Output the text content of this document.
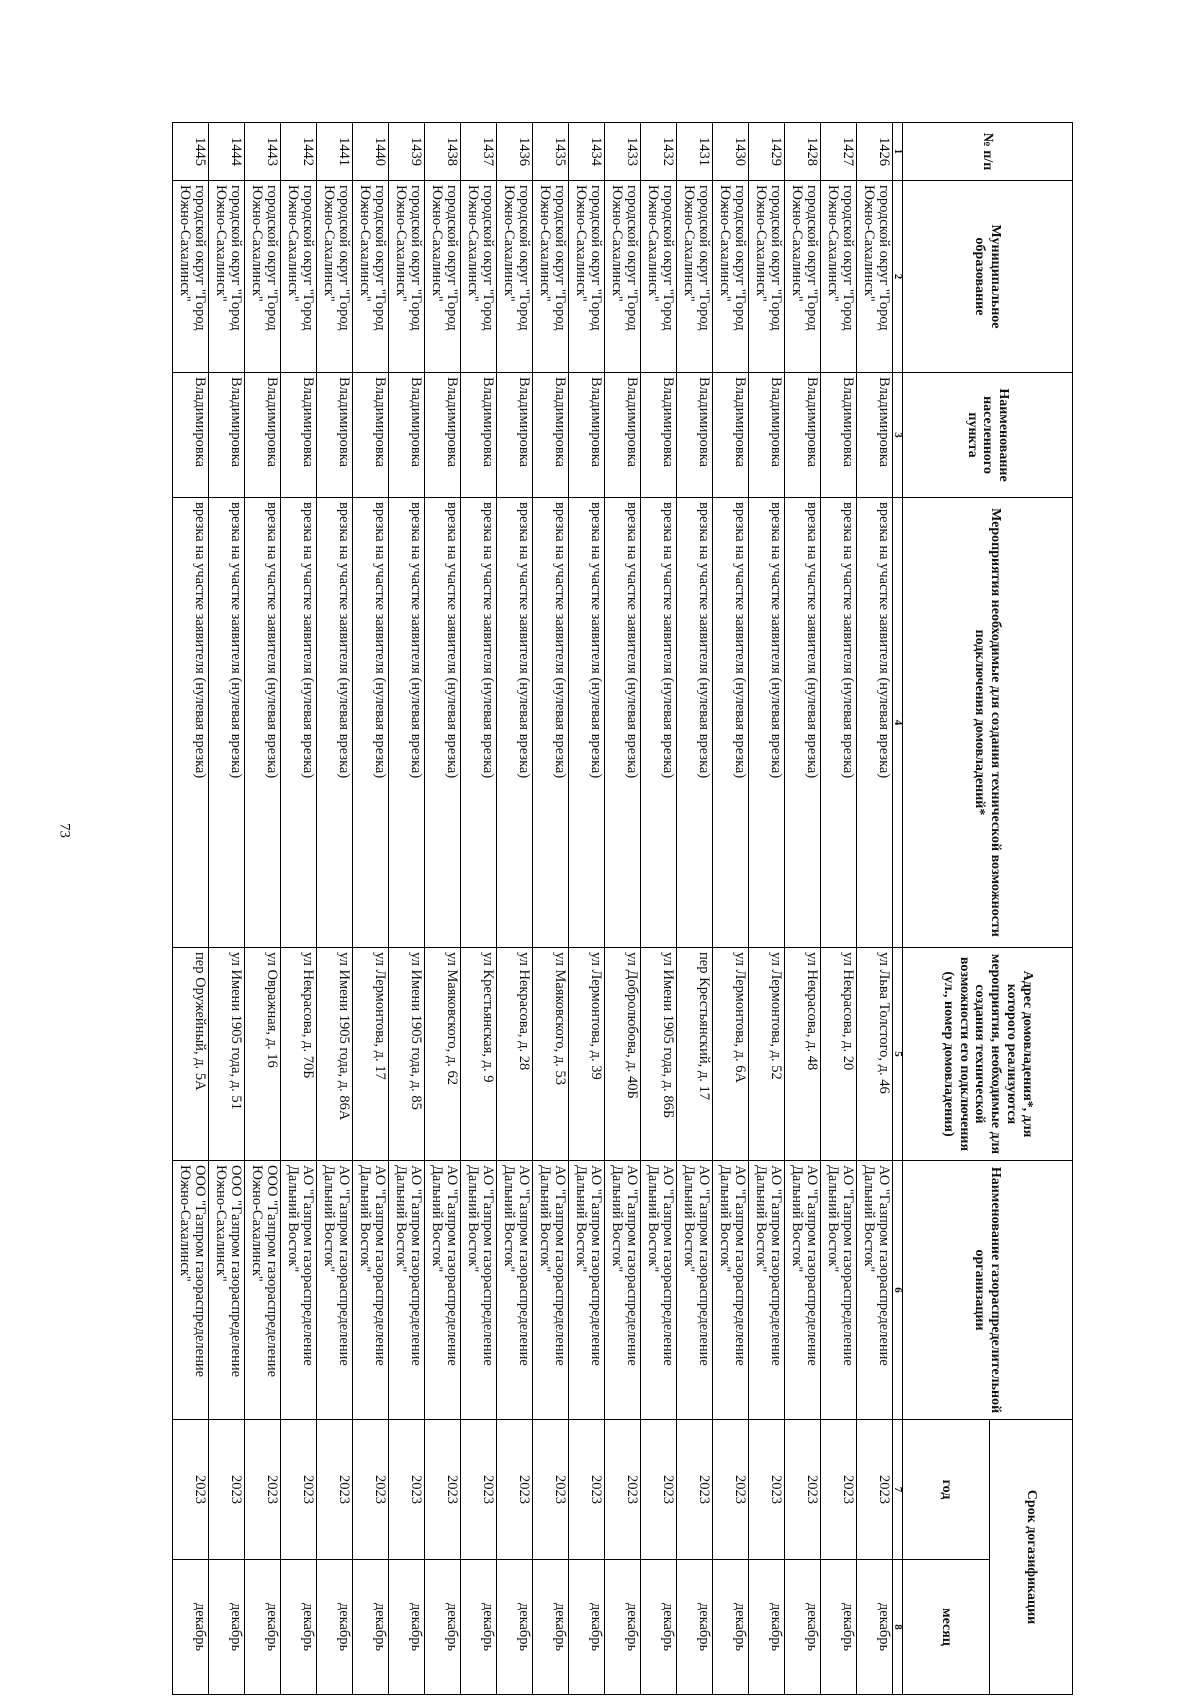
73
№ п/п	Муниципальное образование	Наименование населенного пункта	Мероприятия необходимые для создания технической возможности подключения домовладений*	Адрес домовладения*, для которого реализуются мероприятия, необходимые для создания технической возможности его подключения (ул., номер домовладения)	Наименование газораспределительной организации	Срок догазификации	
						год	месяц
1	2	3	4	5	6	7	8
1426	городской округ "Город Южно-Сахалинск"	Владимировка	врезка на участке заявителя (нулевая врезка)	ул Льва Толстого, д. 46	АО "Газпром газораспределение Дальний Восток"	2023	декабрь
1427	городской округ "Город Южно-Сахалинск"	Владимировка	врезка на участке заявителя (нулевая врезка)	ул Некрасова, д. 20	АО "Газпром газораспределение Дальний Восток"	2023	декабрь
1428	городской округ "Город Южно-Сахалинск"	Владимировка	врезка на участке заявителя (нулевая врезка)	ул Некрасова, д. 48	АО "Газпром газораспределение Дальний Восток"	2023	декабрь
1429	городской округ "Город Южно-Сахалинск"	Владимировка	врезка на участке заявителя (нулевая врезка)	ул Лермонтова, д. 52	АО "Газпром газораспределение Дальний Восток"	2023	декабрь
1430	городской округ "Город Южно-Сахалинск"	Владимировка	врезка на участке заявителя (нулевая врезка)	ул Лермонтова, д. 6А	АО "Газпром газораспределение Дальний Восток"	2023	декабрь
1431	городской округ "Город Южно-Сахалинск"	Владимировка	врезка на участке заявителя (нулевая врезка)	пер Крестьянский, д. 17	АО "Газпром газораспределение Дальний Восток"	2023	декабрь
1432	городской округ "Город Южно-Сахалинск"	Владимировка	врезка на участке заявителя (нулевая врезка)	ул Имени 1905 года, д. 86Б	АО "Газпром газораспределение Дальний Восток"	2023	декабрь
1433	городской округ "Город Южно-Сахалинск"	Владимировка	врезка на участке заявителя (нулевая врезка)	ул Добролюбова, д. 40Б	АО "Газпром газораспределение Дальний Восток"	2023	декабрь
1434	городской округ "Город Южно-Сахалинск"	Владимировка	врезка на участке заявителя (нулевая врезка)	ул Лермонтова, д. 39	АО "Газпром газораспределение Дальний Восток"	2023	декабрь
1435	городской округ "Город Южно-Сахалинск"	Владимировка	врезка на участке заявителя (нулевая врезка)	ул Маяковского, д. 53	АО "Газпром газораспределение Дальний Восток"	2023	декабрь
1436	городской округ "Город Южно-Сахалинск"	Владимировка	врезка на участке заявителя (нулевая врезка)	ул Некрасова, д. 28	АО "Газпром газораспределение Дальний Восток"	2023	декабрь
1437	городской округ "Город Южно-Сахалинск"	Владимировка	врезка на участке заявителя (нулевая врезка)	ул Крестьянская, д. 9	АО "Газпром газораспределение Дальний Восток"	2023	декабрь
1438	городской округ "Город Южно-Сахалинск"	Владимировка	врезка на участке заявителя (нулевая врезка)	ул Маяковского, д. 62	АО "Газпром газораспределение Дальний Восток"	2023	декабрь
1439	городской округ "Город Южно-Сахалинск"	Владимировка	врезка на участке заявителя (нулевая врезка)	ул Имени 1905 года, д. 85	АО "Газпром газораспределение Дальний Восток"	2023	декабрь
1440	городской округ "Город Южно-Сахалинск"	Владимировка	врезка на участке заявителя (нулевая врезка)	ул Лермонтова, д. 17	АО "Газпром газораспределение Дальний Восток"	2023	декабрь
1441	городской округ "Город Южно-Сахалинск"	Владимировка	врезка на участке заявителя (нулевая врезка)	ул Имени 1905 года, д. 86А	АО "Газпром газораспределение Дальний Восток"	2023	декабрь
1442	городской округ "Город Южно-Сахалинск"	Владимировка	врезка на участке заявителя (нулевая врезка)	ул Некрасова, д. 70Б	АО "Газпром газораспределение Дальний Восток"	2023	декабрь
1443	городской округ "Город Южно-Сахалинск"	Владимировка	врезка на участке заявителя (нулевая врезка)	ул Овражная, д. 16	ООО "Газпром газораспределение Южно-Сахалинск"	2023	декабрь
1444	городской округ "Город Южно-Сахалинск"	Владимировка	врезка на участке заявителя (нулевая врезка)	ул Имени 1905 года, д. 51	ООО "Газпром газораспределение Южно-Сахалинск"	2023	декабрь
1445	городской округ "Город Южно-Сахалинск"	Владимировка	врезка на участке заявителя (нулевая врезка)	пер Оружейный, д. 5А	ООО "Газпром газораспределение Южно-Сахалинск"	2023	декабрь
